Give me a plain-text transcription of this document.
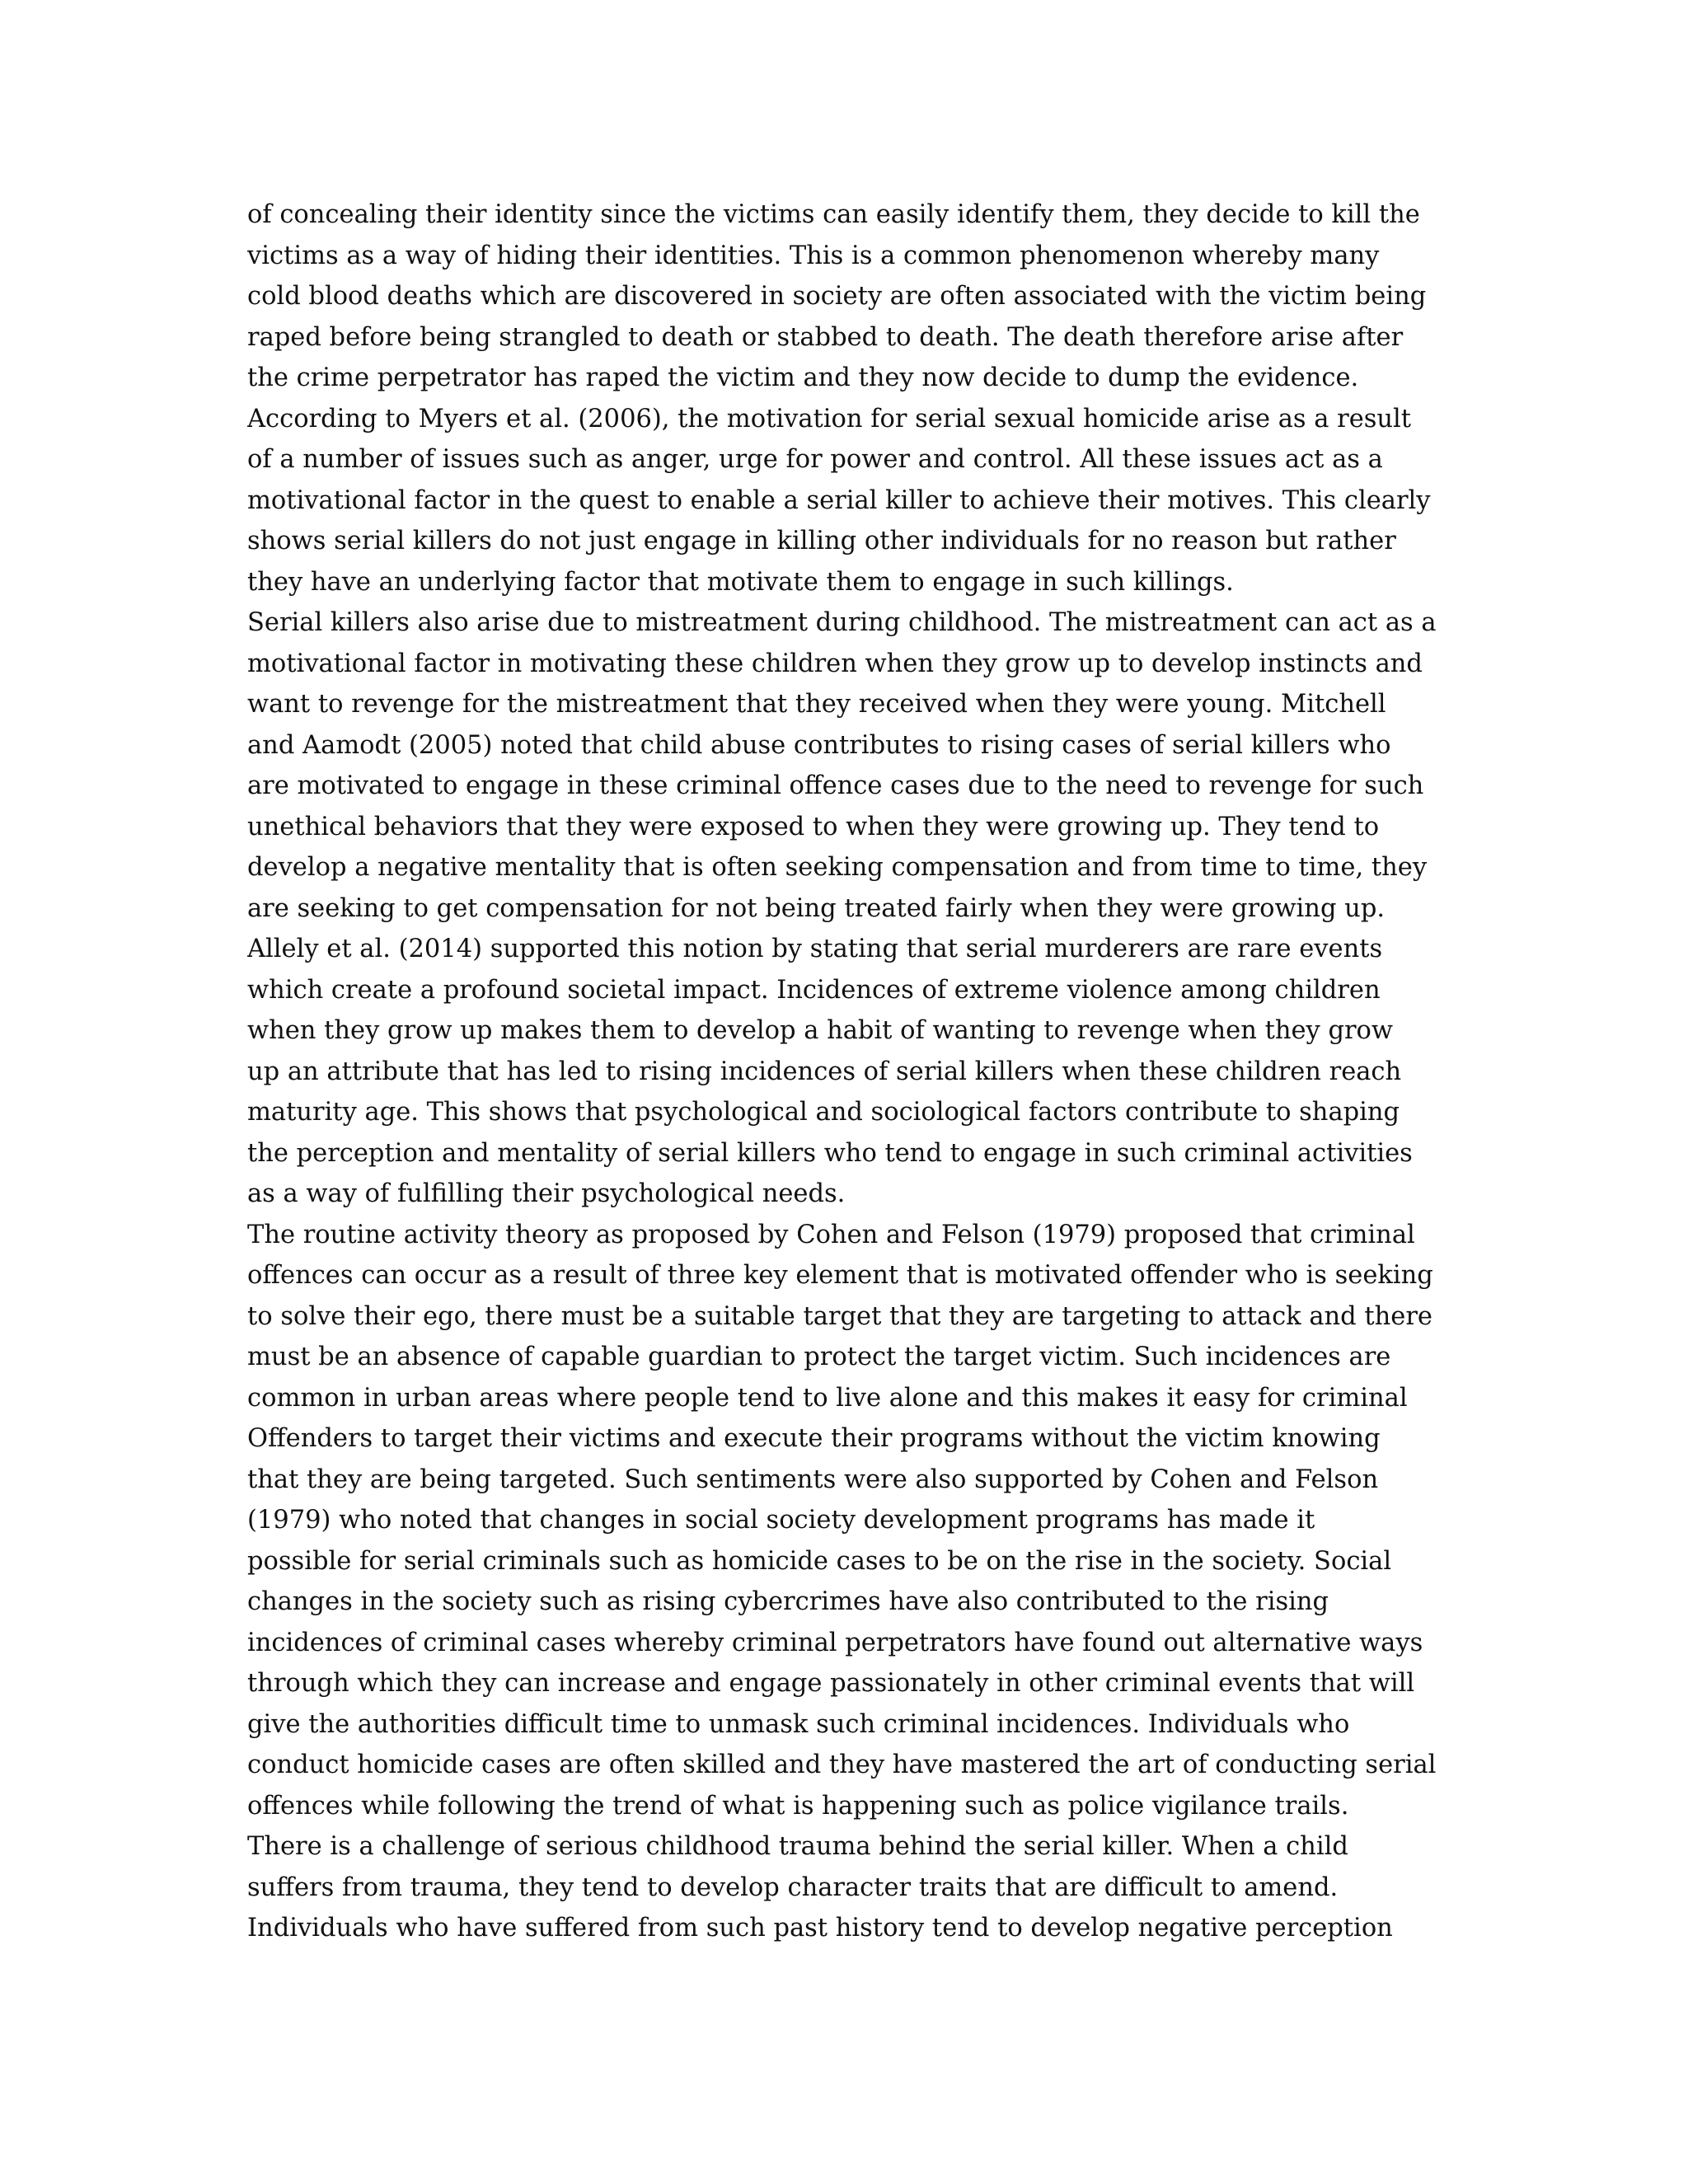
of concealing their identity since the victims can easily identify them, they decide to kill the
victims as a way of hiding their identities. This is a common phenomenon whereby many
cold blood deaths which are discovered in society are often associated with the victim being
raped before being strangled to death or stabbed to death. The death therefore arise after
the crime perpetrator has raped the victim and they now decide to dump the evidence.
According to Myers et al. (2006), the motivation for serial sexual homicide arise as a result
of a number of issues such as anger, urge for power and control. All these issues act as a
motivational factor in the quest to enable a serial killer to achieve their motives. This clearly
shows serial killers do not just engage in killing other individuals for no reason but rather
they have an underlying factor that motivate them to engage in such killings.
Serial killers also arise due to mistreatment during childhood. The mistreatment can act as a
motivational factor in motivating these children when they grow up to develop instincts and
want to revenge for the mistreatment that they received when they were young. Mitchell
and Aamodt (2005) noted that child abuse contributes to rising cases of serial killers who
are motivated to engage in these criminal offence cases due to the need to revenge for such
unethical behaviors that they were exposed to when they were growing up. They tend to
develop a negative mentality that is often seeking compensation and from time to time, they
are seeking to get compensation for not being treated fairly when they were growing up.
Allely et al. (2014) supported this notion by stating that serial murderers are rare events
which create a profound societal impact. Incidences of extreme violence among children
when they grow up makes them to develop a habit of wanting to revenge when they grow
up an attribute that has led to rising incidences of serial killers when these children reach
maturity age. This shows that psychological and sociological factors contribute to shaping
the perception and mentality of serial killers who tend to engage in such criminal activities
as a way of fulfilling their psychological needs.
The routine activity theory as proposed by Cohen and Felson (1979) proposed that criminal
offences can occur as a result of three key element that is motivated offender who is seeking
to solve their ego, there must be a suitable target that they are targeting to attack and there
must be an absence of capable guardian to protect the target victim. Such incidences are
common in urban areas where people tend to live alone and this makes it easy for criminal
Offenders to target their victims and execute their programs without the victim knowing
that they are being targeted. Such sentiments were also supported by Cohen and Felson
(1979) who noted that changes in social society development programs has made it
possible for serial criminals such as homicide cases to be on the rise in the society. Social
changes in the society such as rising cybercrimes have also contributed to the rising
incidences of criminal cases whereby criminal perpetrators have found out alternative ways
through which they can increase and engage passionately in other criminal events that will
give the authorities difficult time to unmask such criminal incidences. Individuals who
conduct homicide cases are often skilled and they have mastered the art of conducting serial
offences while following the trend of what is happening such as police vigilance trails.
There is a challenge of serious childhood trauma behind the serial killer. When a child
suffers from trauma, they tend to develop character traits that are difficult to amend.
Individuals who have suffered from such past history tend to develop negative perception
